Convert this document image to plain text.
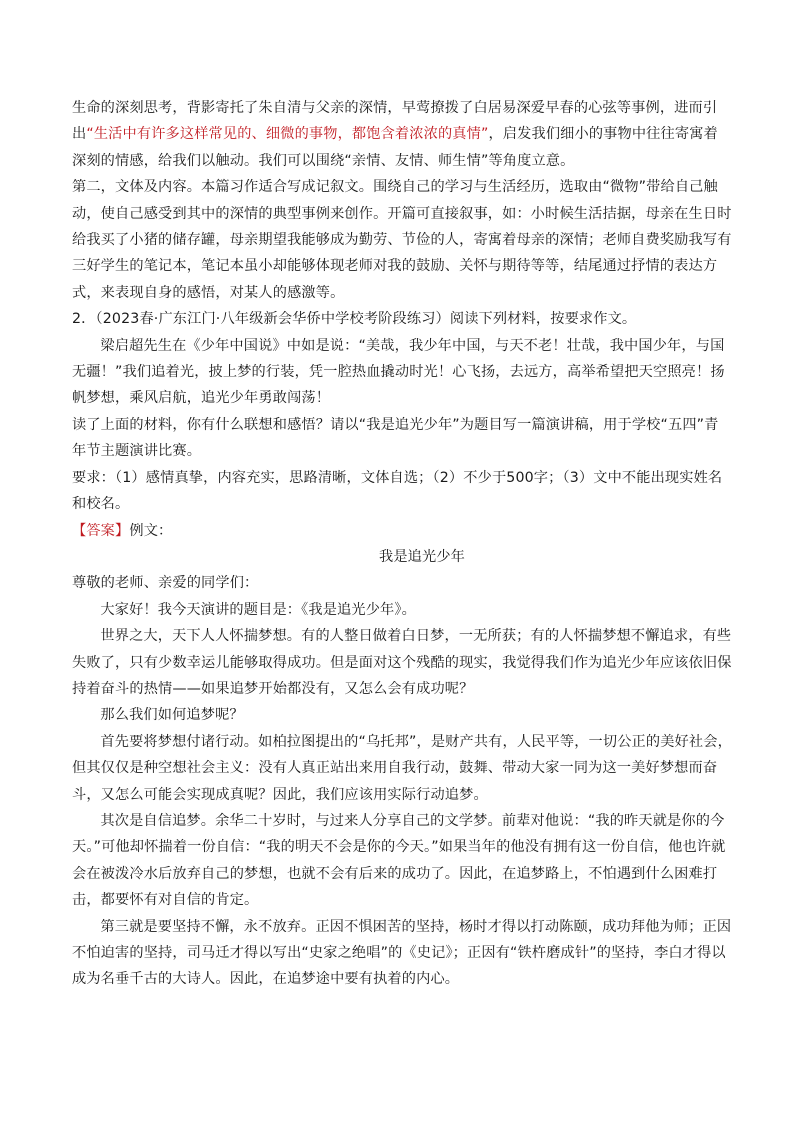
生命的深刻思考，背影寄托了朱自清与父亲的深情，早莺撩拨了白居易深爱早春的心弦等事例，进而引出“生活中有许多这样常见的、细微的事物，都饱含着浓浓的真情”，启发我们细小的事物中往往寄寓着深刻的情感，给我们以触动。我们可以围绕“亲情、友情、师生情”等角度立意。

第二，文体及内容。本篇习作适合写成记叙文。围绕自己的学习与生活经历，选取由“微物”带给自己触动，使自己感受到其中的深情的典型事例来创作。开篇可直接叙事，如：小时候生活拮据，母亲在生日时给我买了小猪的储存罐，母亲期望我能够成为勤劳、节俭的人，寄寓着母亲的深情；老师自费奖励我写有三好学生的笔记本，笔记本虽小却能够体现老师对我的鼓励、关怀与期待等等，结尾通过抒情的表达方式，来表现自身的感悟，对某人的感激等。

2．（2023春·广东江门·八年级新会华侨中学校考阶段练习）阅读下列材料，按要求作文。

梁启超先生在《少年中国说》中如是说：“美哉，我少年中国，与天不老！壮哉，我中国少年，与国无疆！”我们追着光，披上梦的行装，凭一腔热血撬动时光！心飞扬，去远方，高举希望把天空照亮！扬帆梦想，乘风启航，追光少年勇敢闯荡！

读了上面的材料，你有什么联想和感悟？请以“我是追光少年”为题目写一篇演讲稿，用于学校“五四”青年节主题演讲比赛。

要求：（1）感情真挚，内容充实，思路清晰，文体自选；（2）不少于500字；（3）文中不能出现实姓名和校名。

【答案】例文：

我是追光少年

尊敬的老师、亲爱的同学们：

大家好！我今天演讲的题目是：《我是追光少年》。

世界之大，天下人人怀揣梦想。有的人整日做着白日梦，一无所获；有的人怀揣梦想不懈追求，有些失败了，只有少数幸运儿能够取得成功。但是面对这个残酷的现实，我觉得我们作为追光少年应该依旧保持着奋斗的热情——如果追梦开始都没有，又怎么会有成功呢？

那么我们如何追梦呢？

首先要将梦想付诸行动。如柏拉图提出的“乌托邦”，是财产共有，人民平等，一切公正的美好社会，但其仅仅是种空想社会主义：没有人真正站出来用自我行动，鼓舞、带动大家一同为这一美好梦想而奋斗，又怎么可能会实现成真呢？因此，我们应该用实际行动追梦。

其次是自信追梦。余华二十岁时，与过来人分享自己的文学梦。前辈对他说：“我的昨天就是你的今天。”可他却怀揣着一份自信：“我的明天不会是你的今天。”如果当年的他没有拥有这一份自信，他也许就会在被泼冷水后放弃自己的梦想，也就不会有后来的成功了。因此，在追梦路上，不怕遇到什么困难打击，都要怀有对自信的肯定。

第三就是要坚持不懈，永不放弃。正因不惧困苦的坚持，杨时才得以打动陈颐，成功拜他为师；正因不怕迫害的坚持，司马迁才得以写出“史家之绝唱”的《史记》；正因有“铁杵磨成针”的坚持，李白才得以成为名垂千古的大诗人。因此，在追梦途中要有执着的内心。
